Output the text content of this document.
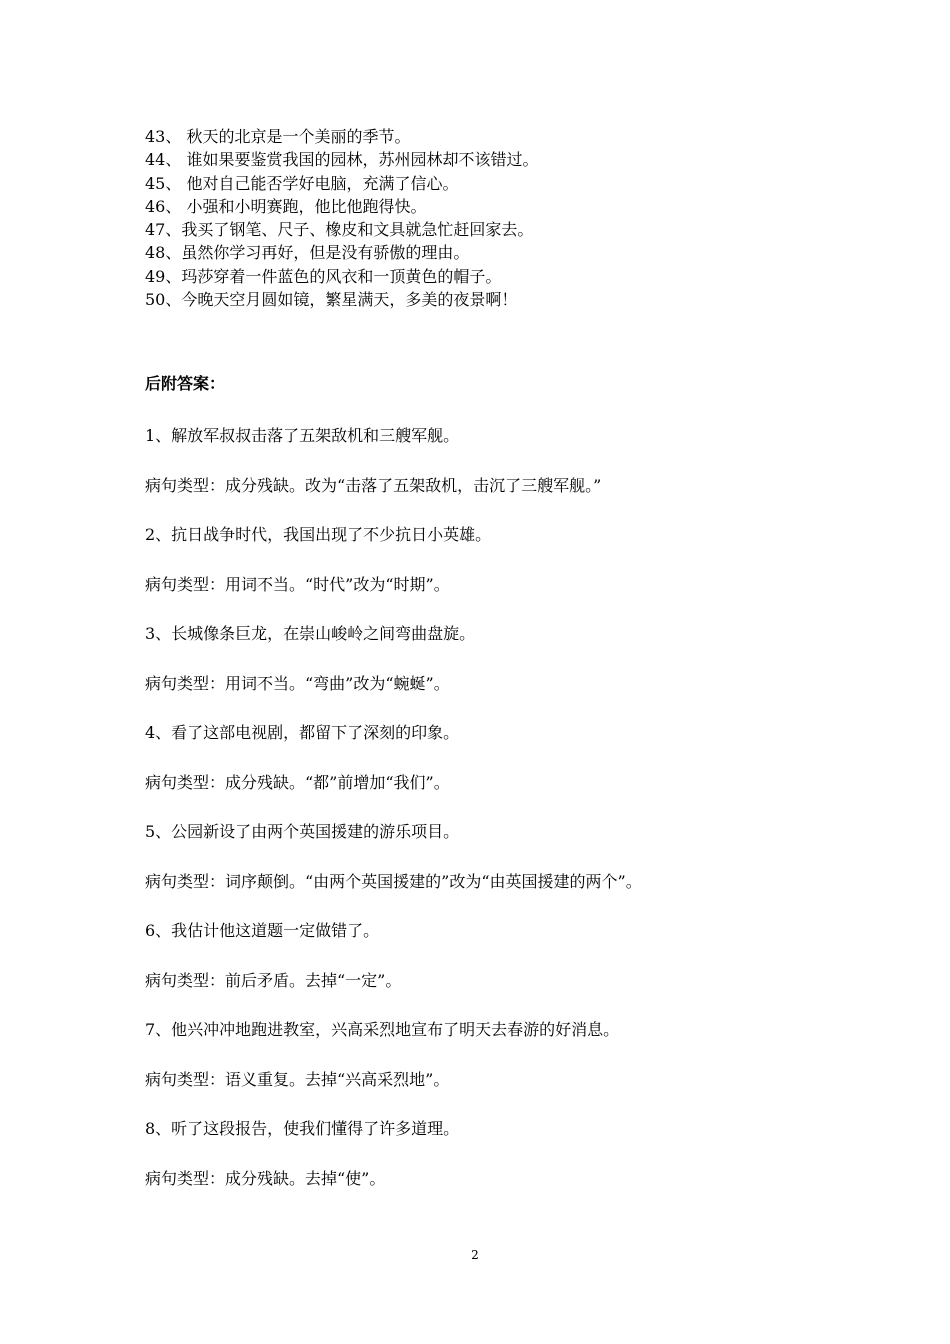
43、 秋天的北京是一个美丽的季节。
44、 谁如果要鉴赏我国的园林，苏州园林却不该错过。
45、 他对自己能否学好电脑，充满了信心。
46、 小强和小明赛跑，他比他跑得快。
47、我买了钢笔、尺子、橡皮和文具就急忙赶回家去。
48、虽然你学习再好，但是没有骄傲的理由。
49、玛莎穿着一件蓝色的风衣和一顶黄色的帽子。
50、今晚天空月圆如镜，繁星满天，多美的夜景啊！
后附答案：
1、解放军叔叔击落了五架敌机和三艘军舰。
病句类型：成分残缺。改为“击落了五架敌机，击沉了三艘军舰。”
2、抗日战争时代，我国出现了不少抗日小英雄。
病句类型：用词不当。“时代”改为“时期”。
3、长城像条巨龙，在崇山峻岭之间弯曲盘旋。
病句类型：用词不当。“弯曲”改为“蜿蜒”。
4、看了这部电视剧，都留下了深刻的印象。
病句类型：成分残缺。“都”前增加“我们”。
5、公园新设了由两个英国援建的游乐项目。
病句类型：词序颠倒。“由两个英国援建的”改为“由英国援建的两个”。
6、我估计他这道题一定做错了。
病句类型：前后矛盾。去掉“一定”。
7、他兴冲冲地跑进教室，兴高采烈地宣布了明天去春游的好消息。
病句类型：语义重复。去掉“兴高采烈地”。
8、听了这段报告，使我们懂得了许多道理。
病句类型：成分残缺。去掉“使”。
2
